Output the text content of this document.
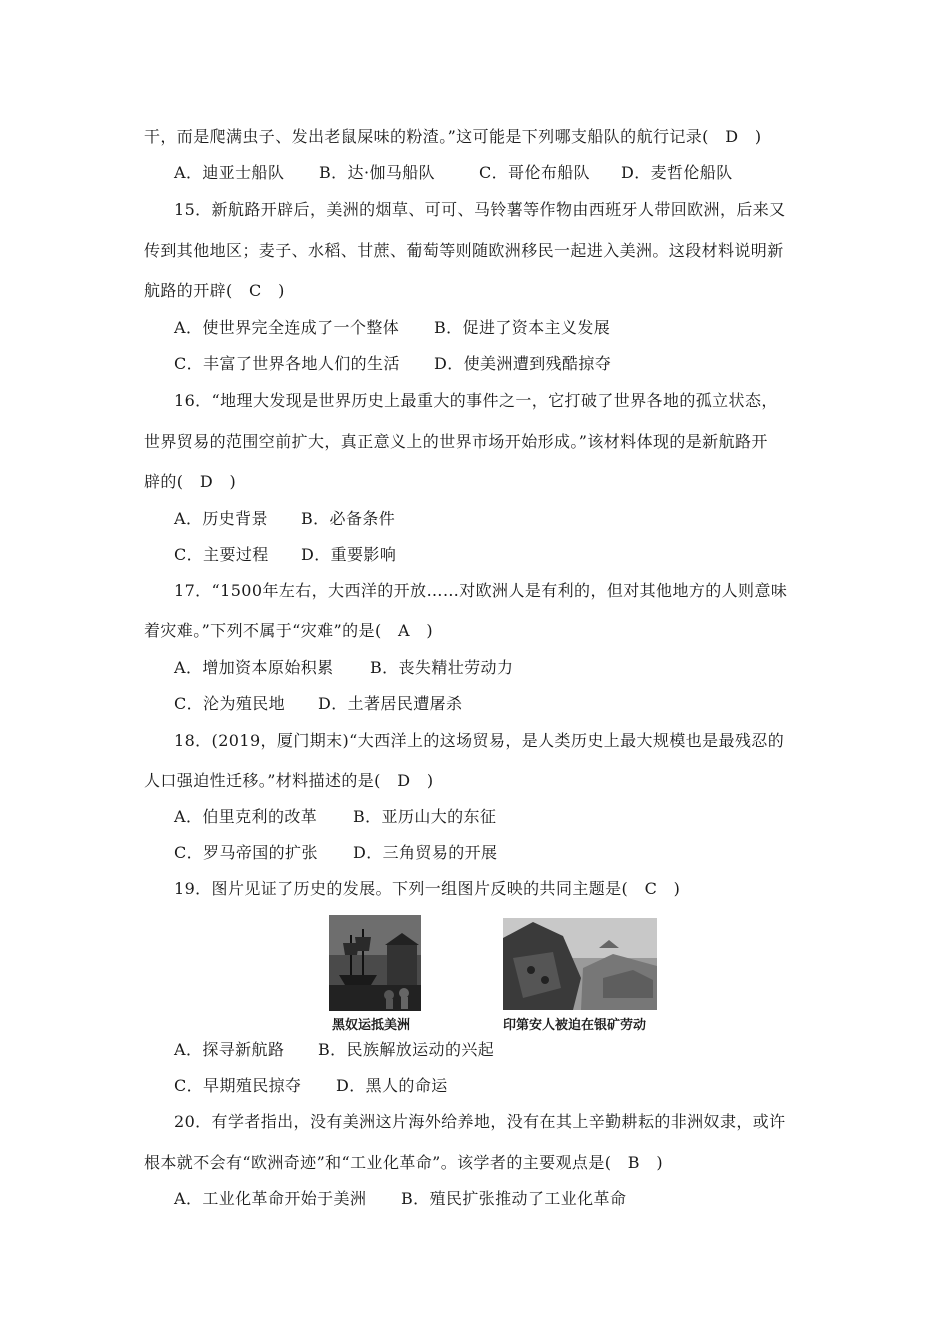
干，而是爬满虫子、发出老鼠屎味的粉渣。”这可能是下列哪支船队的航行记录(　D　)
A．迪亚士船队 B．达·伽马船队	C．哥伦布船队 D．麦哲伦船队
15．新航路开辟后，美洲的烟草、可可、马铃薯等作物由西班牙人带回欧洲，后来又
传到其他地区；麦子、水稻、甘蔗、葡萄等则随欧洲移民一起进入美洲。这段材料说明新
航路的开辟(　C　)
A．使世界完全连成了一个整体 B．促进了资本主义发展
C．丰富了世界各地人们的生活 D．使美洲遭到残酷掠夺
16．“地理大发现是世界历史上最重大的事件之一，它打破了世界各地的孤立状态，
世界贸易的范围空前扩大，真正意义上的世界市场开始形成。”该材料体现的是新航路开
辟的(　D　)
A．历史背景 B．必备条件
C．主要过程 D．重要影响
17．“1500年左右，大西洋的开放……对欧洲人是有利的，但对其他地方的人则意味
着灾难。”下列不属于“灾难”的是(　A　)
A．增加资本原始积累 B．丧失精壮劳动力
C．沦为殖民地 D．土著居民遭屠杀
18．(2019，厦门期末)“大西洋上的这场贸易，是人类历史上最大规模也是最残忍的
人口强迫性迁移。”材料描述的是(　D　)
A．伯里克利的改革 B．亚历山大的东征
C．罗马帝国的扩张 D．三角贸易的开展
19．图片见证了历史的发展。下列一组图片反映的共同主题是(　C　)
黑奴运抵美洲	印第安人被迫在银矿劳动
A．探寻新航路 B．民族解放运动的兴起
C．早期殖民掠夺 D．黑人的命运
20．有学者指出，没有美洲这片海外给养地，没有在其上辛勤耕耘的非洲奴隶，或许
根本就不会有“欧洲奇迹”和“工业化革命”。该学者的主要观点是(　B　)
A．工业化革命开始于美洲 B．殖民扩张推动了工业化革命
